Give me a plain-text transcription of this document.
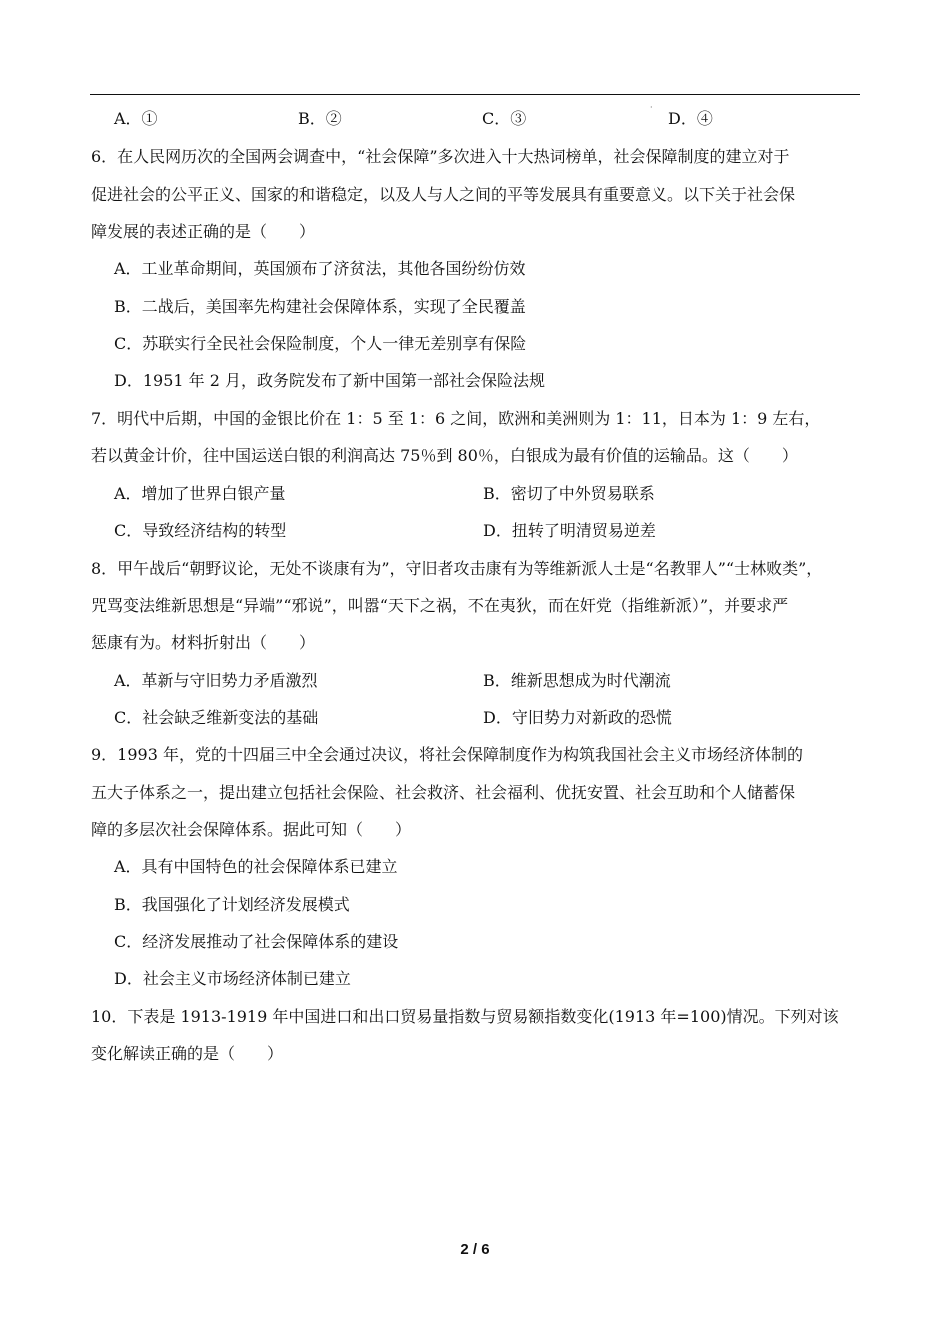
A．①	B．②	C．③
·
D．④
6．在人民网历次的全国两会调查中，“社会保障”多次进入十大热词榜单，社会保障制度的建立对于
促进社会的公平正义、国家的和谐稳定，以及人与人之间的平等发展具有重要意义。以下关于社会保
障发展的表述正确的是（　　）
A．工业革命期间，英国颁布了济贫法，其他各国纷纷仿效
B．二战后，美国率先构建社会保障体系，实现了全民覆盖
C．苏联实行全民社会保险制度，个人一律无差别享有保险
D．1951 年 2 月，政务院发布了新中国第一部社会保险法规
7．明代中后期，中国的金银比价在 1：5 至 1：6 之间，欧洲和美洲则为 1：11，日本为 1：9 左右，
若以黄金计价，往中国运送白银的利润高达 75％到 80％，白银成为最有价值的运输品。这（　　）
A．增加了世界白银产量	B．密切了中外贸易联系
C．导致经济结构的转型	D．扭转了明清贸易逆差
8．甲午战后“朝野议论，无处不谈康有为”，守旧者攻击康有为等维新派人士是“名教罪人”“士林败类”，
咒骂变法维新思想是“异端”“邪说”，叫嚣“天下之祸，不在夷狄，而在奸党（指维新派）”，并要求严
惩康有为。材料折射出（　　）
A．革新与守旧势力矛盾激烈	B．维新思想成为时代潮流
C．社会缺乏维新变法的基础	D．守旧势力对新政的恐慌
9．1993 年，党的十四届三中全会通过决议，将社会保障制度作为构筑我国社会主义市场经济体制的
五大子体系之一，提出建立包括社会保险、社会救济、社会福利、优抚安置、社会互助和个人储蓄保
障的多层次社会保障体系。据此可知（　　）
A．具有中国特色的社会保障体系已建立
B．我国强化了计划经济发展模式
C．经济发展推动了社会保障体系的建设
D．社会主义市场经济体制已建立
10．下表是 1913-1919 年中国进口和出口贸易量指数与贸易额指数变化(1913 年=100)情况。下列对该
变化解读正确的是（　　）
2 / 6
